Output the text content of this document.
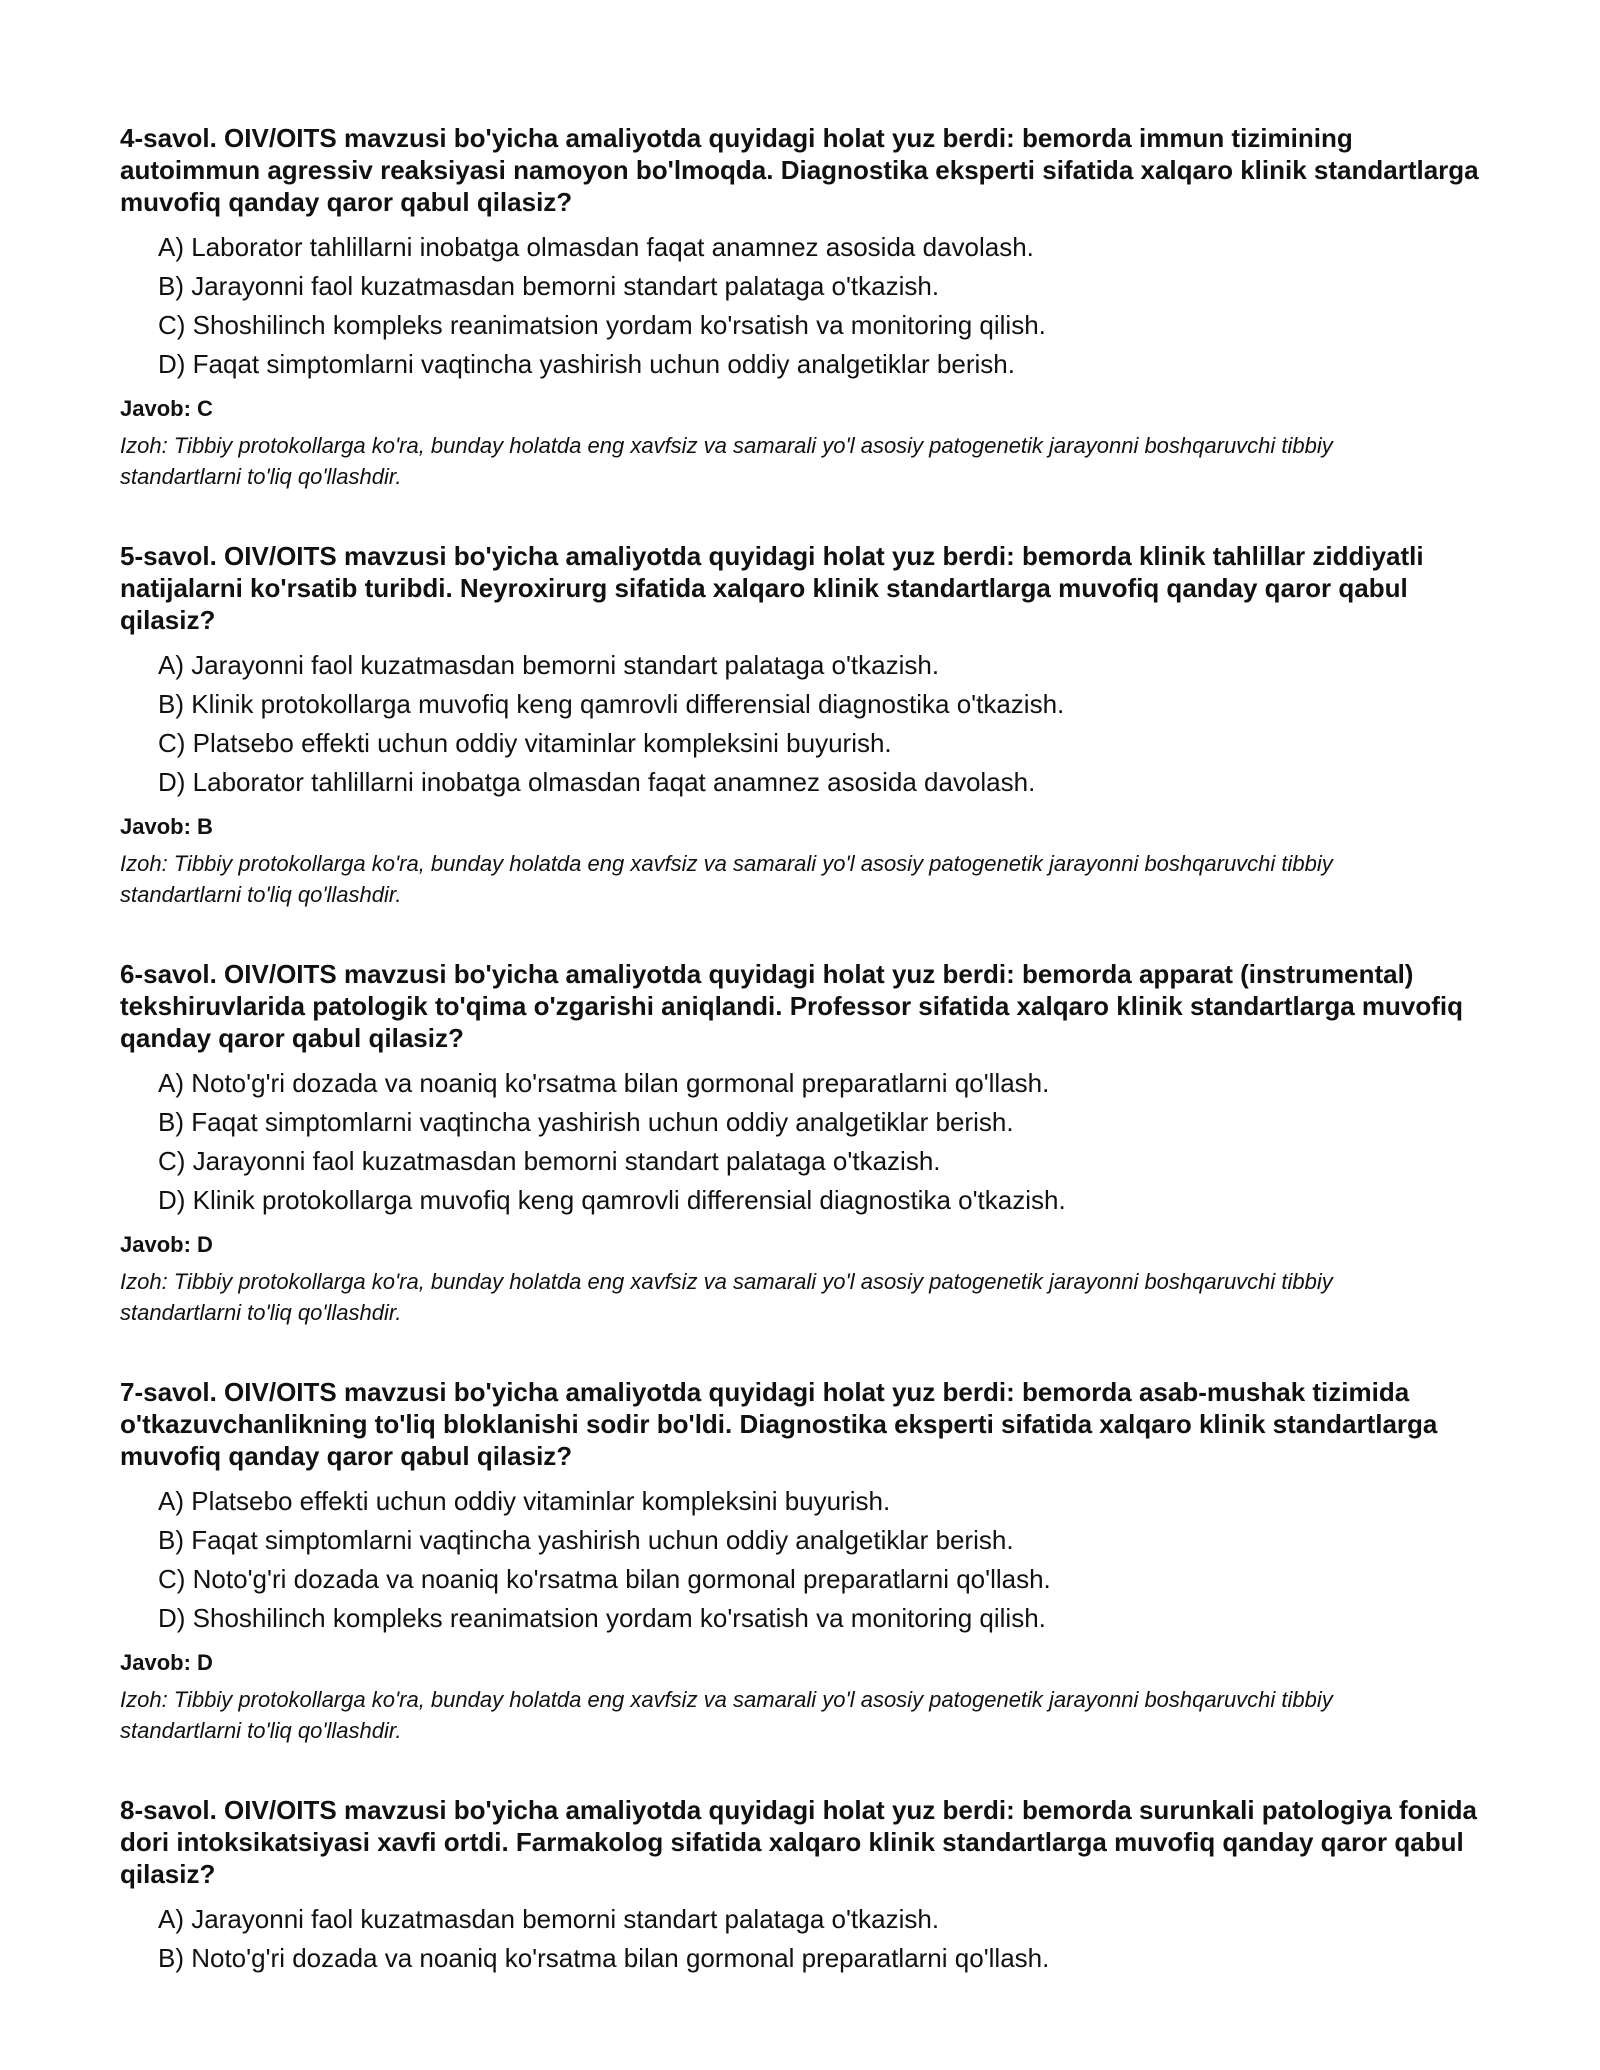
4-savol. OIV/OITS mavzusi bo'yicha amaliyotda quyidagi holat yuz berdi: bemorda immun tizimining autoimmun agressiv reaksiyasi namoyon bo'lmoqda. Diagnostika eksperti sifatida xalqaro klinik standartlarga muvofiq qanday qaror qabul qilasiz?

A) Laborator tahlillarni inobatga olmasdan faqat anamnez asosida davolash.
B) Jarayonni faol kuzatmasdan bemorni standart palataga o'tkazish.
C) Shoshilinch kompleks reanimatsion yordam ko'rsatish va monitoring qilish.
D) Faqat simptomlarni vaqtincha yashirish uchun oddiy analgetiklar berish.
Javob: C
Izoh: Tibbiy protokollarga ko'ra, bunday holatda eng xavfsiz va samarali yo'l asosiy patogenetik jarayonni boshqaruvchi tibbiy standartlarni to'liq qo'llashdir.

5-savol. OIV/OITS mavzusi bo'yicha amaliyotda quyidagi holat yuz berdi: bemorda klinik tahlillar ziddiyatli natijalarni ko'rsatib turibdi. Neyroxirurg sifatida xalqaro klinik standartlarga muvofiq qanday qaror qabul qilasiz?

A) Jarayonni faol kuzatmasdan bemorni standart palataga o'tkazish.
B) Klinik protokollarga muvofiq keng qamrovli differensial diagnostika o'tkazish.
C) Platsebo effekti uchun oddiy vitaminlar kompleksini buyurish.
D) Laborator tahlillarni inobatga olmasdan faqat anamnez asosida davolash.
Javob: B
Izoh: Tibbiy protokollarga ko'ra, bunday holatda eng xavfsiz va samarali yo'l asosiy patogenetik jarayonni boshqaruvchi tibbiy standartlarni to'liq qo'llashdir.

6-savol. OIV/OITS mavzusi bo'yicha amaliyotda quyidagi holat yuz berdi: bemorda apparat (instrumental) tekshiruvlarida patologik to'qima o'zgarishi aniqlandi. Professor sifatida xalqaro klinik standartlarga muvofiq qanday qaror qabul qilasiz?

A) Noto'g'ri dozada va noaniq ko'rsatma bilan gormonal preparatlarni qo'llash.
B) Faqat simptomlarni vaqtincha yashirish uchun oddiy analgetiklar berish.
C) Jarayonni faol kuzatmasdan bemorni standart palataga o'tkazish.
D) Klinik protokollarga muvofiq keng qamrovli differensial diagnostika o'tkazish.
Javob: D
Izoh: Tibbiy protokollarga ko'ra, bunday holatda eng xavfsiz va samarali yo'l asosiy patogenetik jarayonni boshqaruvchi tibbiy standartlarni to'liq qo'llashdir.

7-savol. OIV/OITS mavzusi bo'yicha amaliyotda quyidagi holat yuz berdi: bemorda asab-mushak tizimida o'tkazuvchanlikning to'liq bloklanishi sodir bo'ldi. Diagnostika eksperti sifatida xalqaro klinik standartlarga muvofiq qanday qaror qabul qilasiz?

A) Platsebo effekti uchun oddiy vitaminlar kompleksini buyurish.
B) Faqat simptomlarni vaqtincha yashirish uchun oddiy analgetiklar berish.
C) Noto'g'ri dozada va noaniq ko'rsatma bilan gormonal preparatlarni qo'llash.
D) Shoshilinch kompleks reanimatsion yordam ko'rsatish va monitoring qilish.
Javob: D
Izoh: Tibbiy protokollarga ko'ra, bunday holatda eng xavfsiz va samarali yo'l asosiy patogenetik jarayonni boshqaruvchi tibbiy standartlarni to'liq qo'llashdir.

8-savol. OIV/OITS mavzusi bo'yicha amaliyotda quyidagi holat yuz berdi: bemorda surunkali patologiya fonida dori intoksikatsiyasi xavfi ortdi. Farmakolog sifatida xalqaro klinik standartlarga muvofiq qanday qaror qabul qilasiz?

A) Jarayonni faol kuzatmasdan bemorni standart palataga o'tkazish.
B) Noto'g'ri dozada va noaniq ko'rsatma bilan gormonal preparatlarni qo'llash.
